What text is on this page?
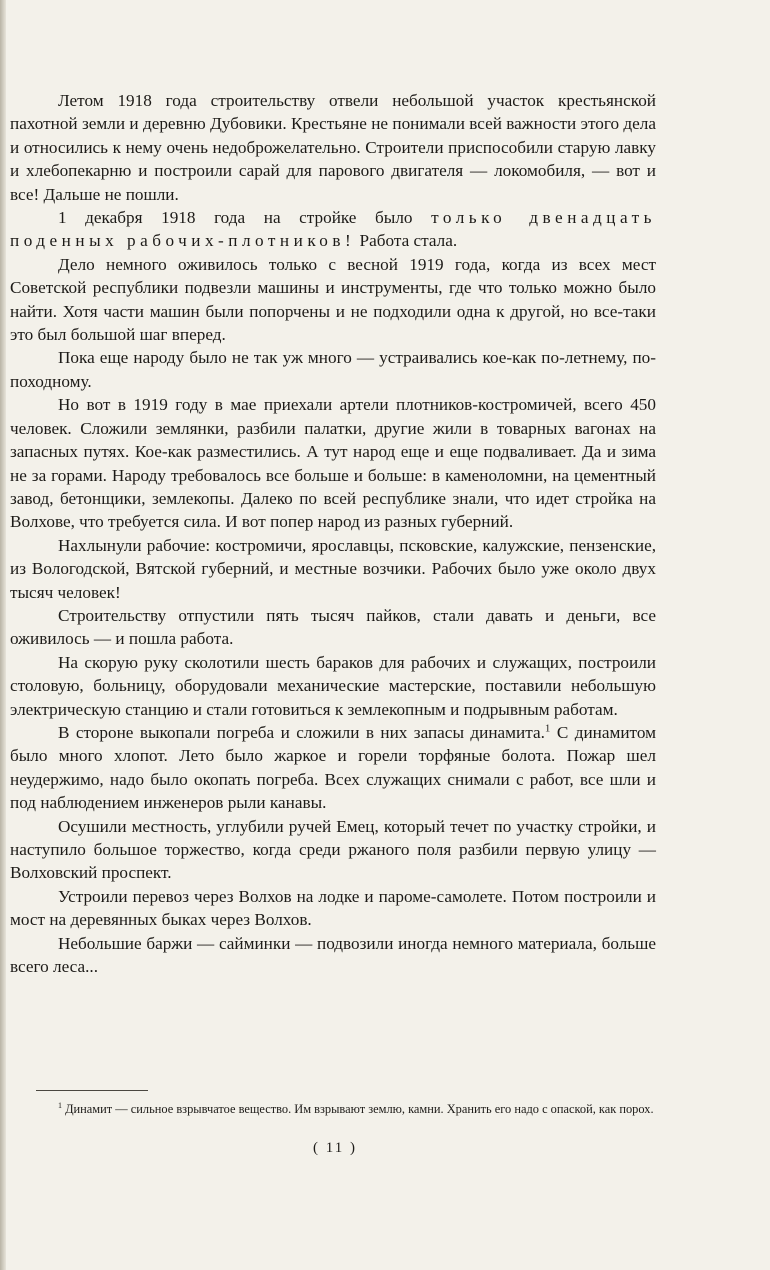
Летом 1918 года строительству отвели небольшой участок крестьянской пахотной земли и деревню Дубовики. Крестьяне не понимали всей важности этого дела и относились к нему очень недоброжелательно. Строители приспособили старую лавку и хлебопекарню и построили сарай для парового двигателя — локомобиля, — вот и все! Дальше не пошли.

1 декабря 1918 года на стройке было только двенадцать поденных рабочих-плотников! Работа стала.

Дело немного оживилось только с весной 1919 года, когда из всех мест Советской республики подвезли машины и инструменты, где что только можно было найти. Хотя части машин были попорчены и не подходили одна к другой, но все-таки это был большой шаг вперед.

Пока еще народу было не так уж много — устраивались кое-как по-летнему, по-походному.

Но вот в 1919 году в мае приехали артели плотников-костромичей, всего 450 человек. Сложили землянки, разбили палатки, другие жили в товарных вагонах на запасных путях. Кое-как разместились. А тут народ еще и еще подваливает. Да и зима не за горами. Народу требовалось все больше и больше: в каменоломни, на цементный завод, бетонщики, землекопы. Далеко по всей республике знали, что идет стройка на Волхове, что требуется сила. И вот попер народ из разных губерний.

Нахлынули рабочие: костромичи, ярославцы, псковские, калужские, пензенские, из Вологодской, Вятской губерний, и местные возчики. Рабочих было уже около двух тысяч человек!

Строительству отпустили пять тысяч пайков, стали давать и деньги, все оживилось — и пошла работа.

На скорую руку сколотили шесть бараков для рабочих и служащих, построили столовую, больницу, оборудовали механические мастерские, поставили небольшую электрическую станцию и стали готовиться к землекопным и подрывным работам.

В стороне выкопали погреба и сложили в них запасы динамита.$^1$ С динамитом было много хлопот. Лето было жаркое и горели торфяные болота. Пожар шел неудержимо, надо было окопать погреба. Всех служащих снимали с работ, все шли и под наблюдением инженеров рыли канавы.

Осушили местность, углубили ручей Емец, который течет по участку стройки, и наступило большое торжество, когда среди ржаного поля разбили первую улицу — Волховский проспект.

Устроили перевоз через Волхов на лодке и пароме-самолете. Потом построили и мост на деревянных быках через Волхов.

Небольшие баржи — сайминки — подвозили иногда немного материала, больше всего леса...

$^1$ Динамит — сильное взрывчатое вещество. Им взрывают землю, камни. Хранить его надо с опаской, как порох.
( 11 )
